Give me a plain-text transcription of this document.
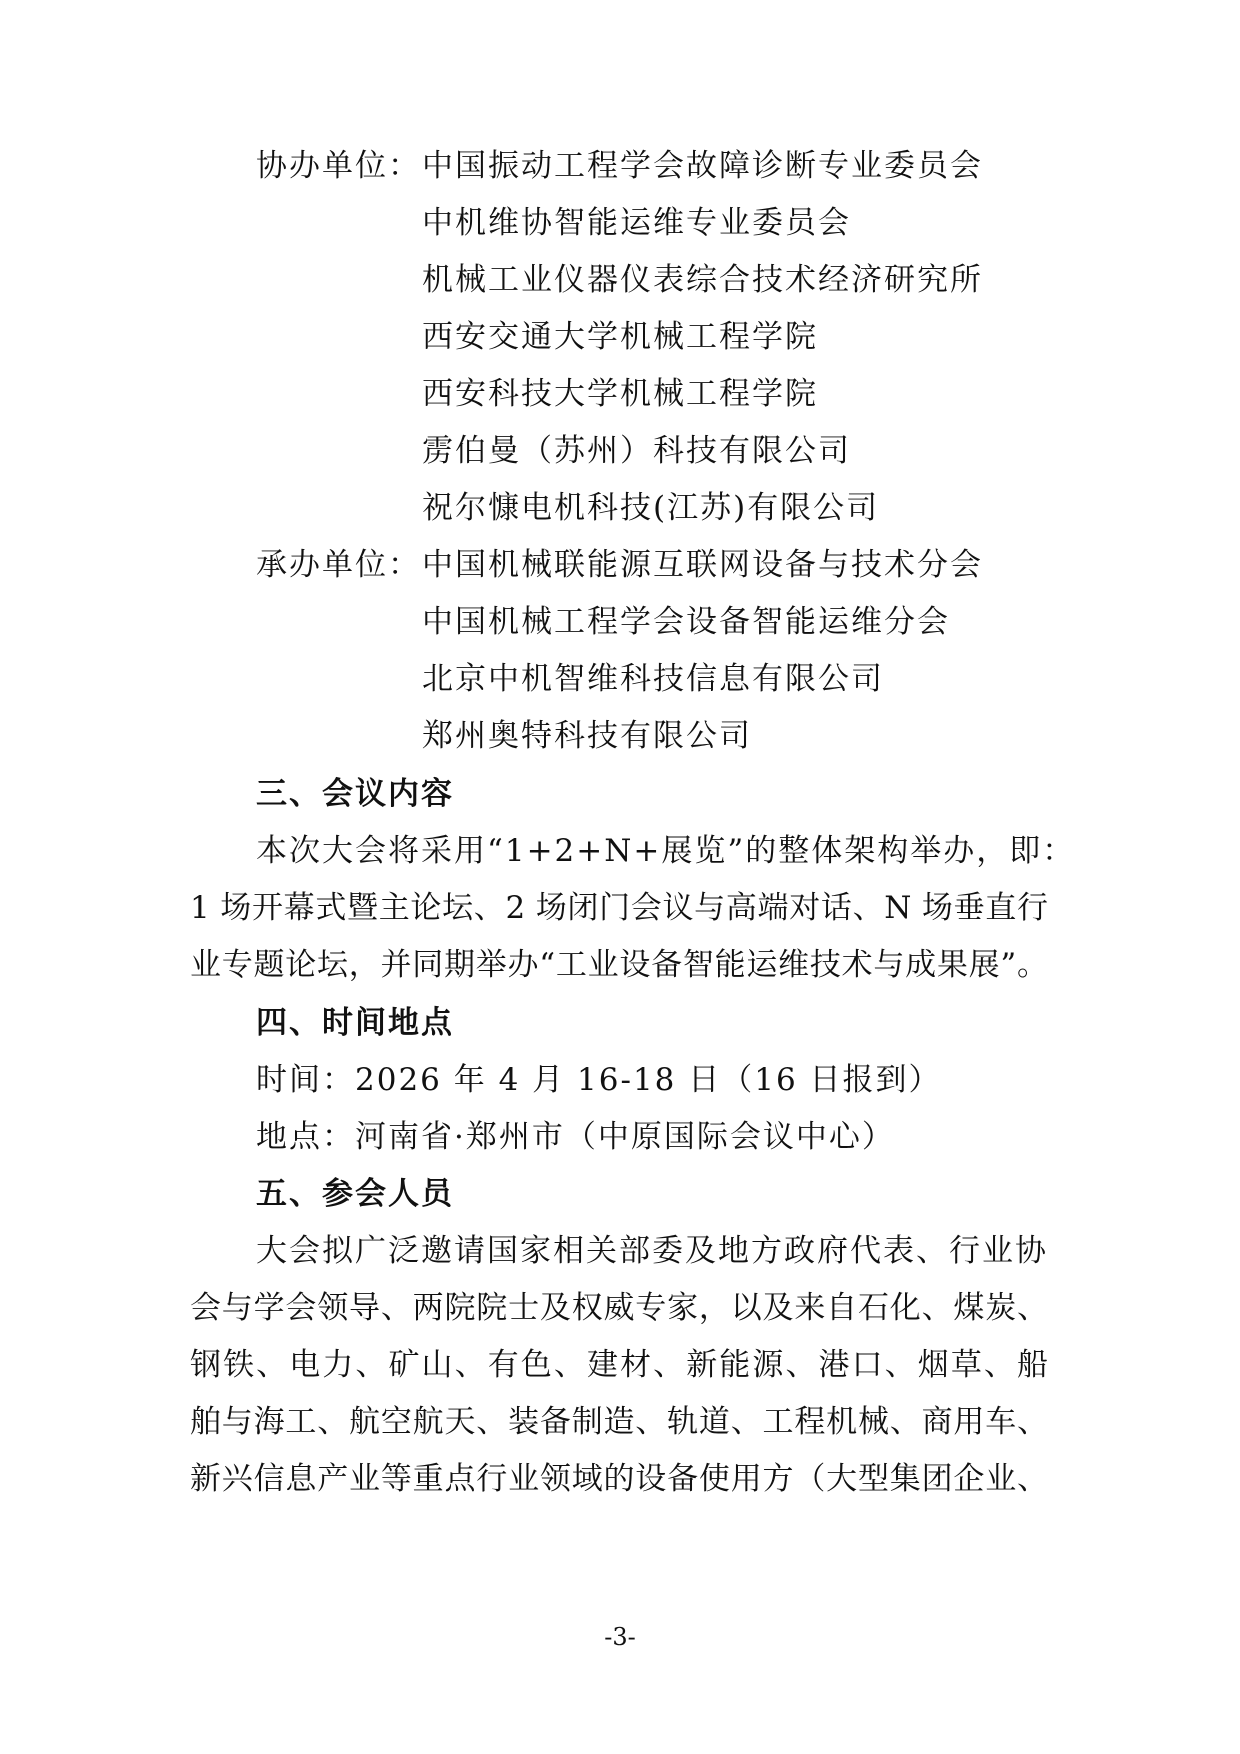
协办单位：中国振动工程学会故障诊断专业委员会
中机维协智能运维专业委员会
机械工业仪器仪表综合技术经济研究所
西安交通大学机械工程学院
西安科技大学机械工程学院
雳伯曼（苏州）科技有限公司
祝尔慷电机科技(江苏)有限公司
承办单位：中国机械联能源互联网设备与技术分会
中国机械工程学会设备智能运维分会
北京中机智维科技信息有限公司
郑州奥特科技有限公司
三、会议内容
本次大会将采用“1+2+N+展览”的整体架构举办，即：
1 场开幕式暨主论坛、2 场闭门会议与高端对话、N 场垂直行
业专题论坛，并同期举办“工业设备智能运维技术与成果展”。
四、时间地点
时间：2026 年 4 月 16-18 日（16 日报到）
地点：河南省·郑州市（中原国际会议中心）
五、参会人员
大会拟广泛邀请国家相关部委及地方政府代表、行业协
会与学会领导、两院院士及权威专家，以及来自石化、煤炭、
钢铁、电力、矿山、有色、建材、新能源、港口、烟草、船
舶与海工、航空航天、装备制造、轨道、工程机械、商用车、
新兴信息产业等重点行业领域的设备使用方（大型集团企业、
-3-
